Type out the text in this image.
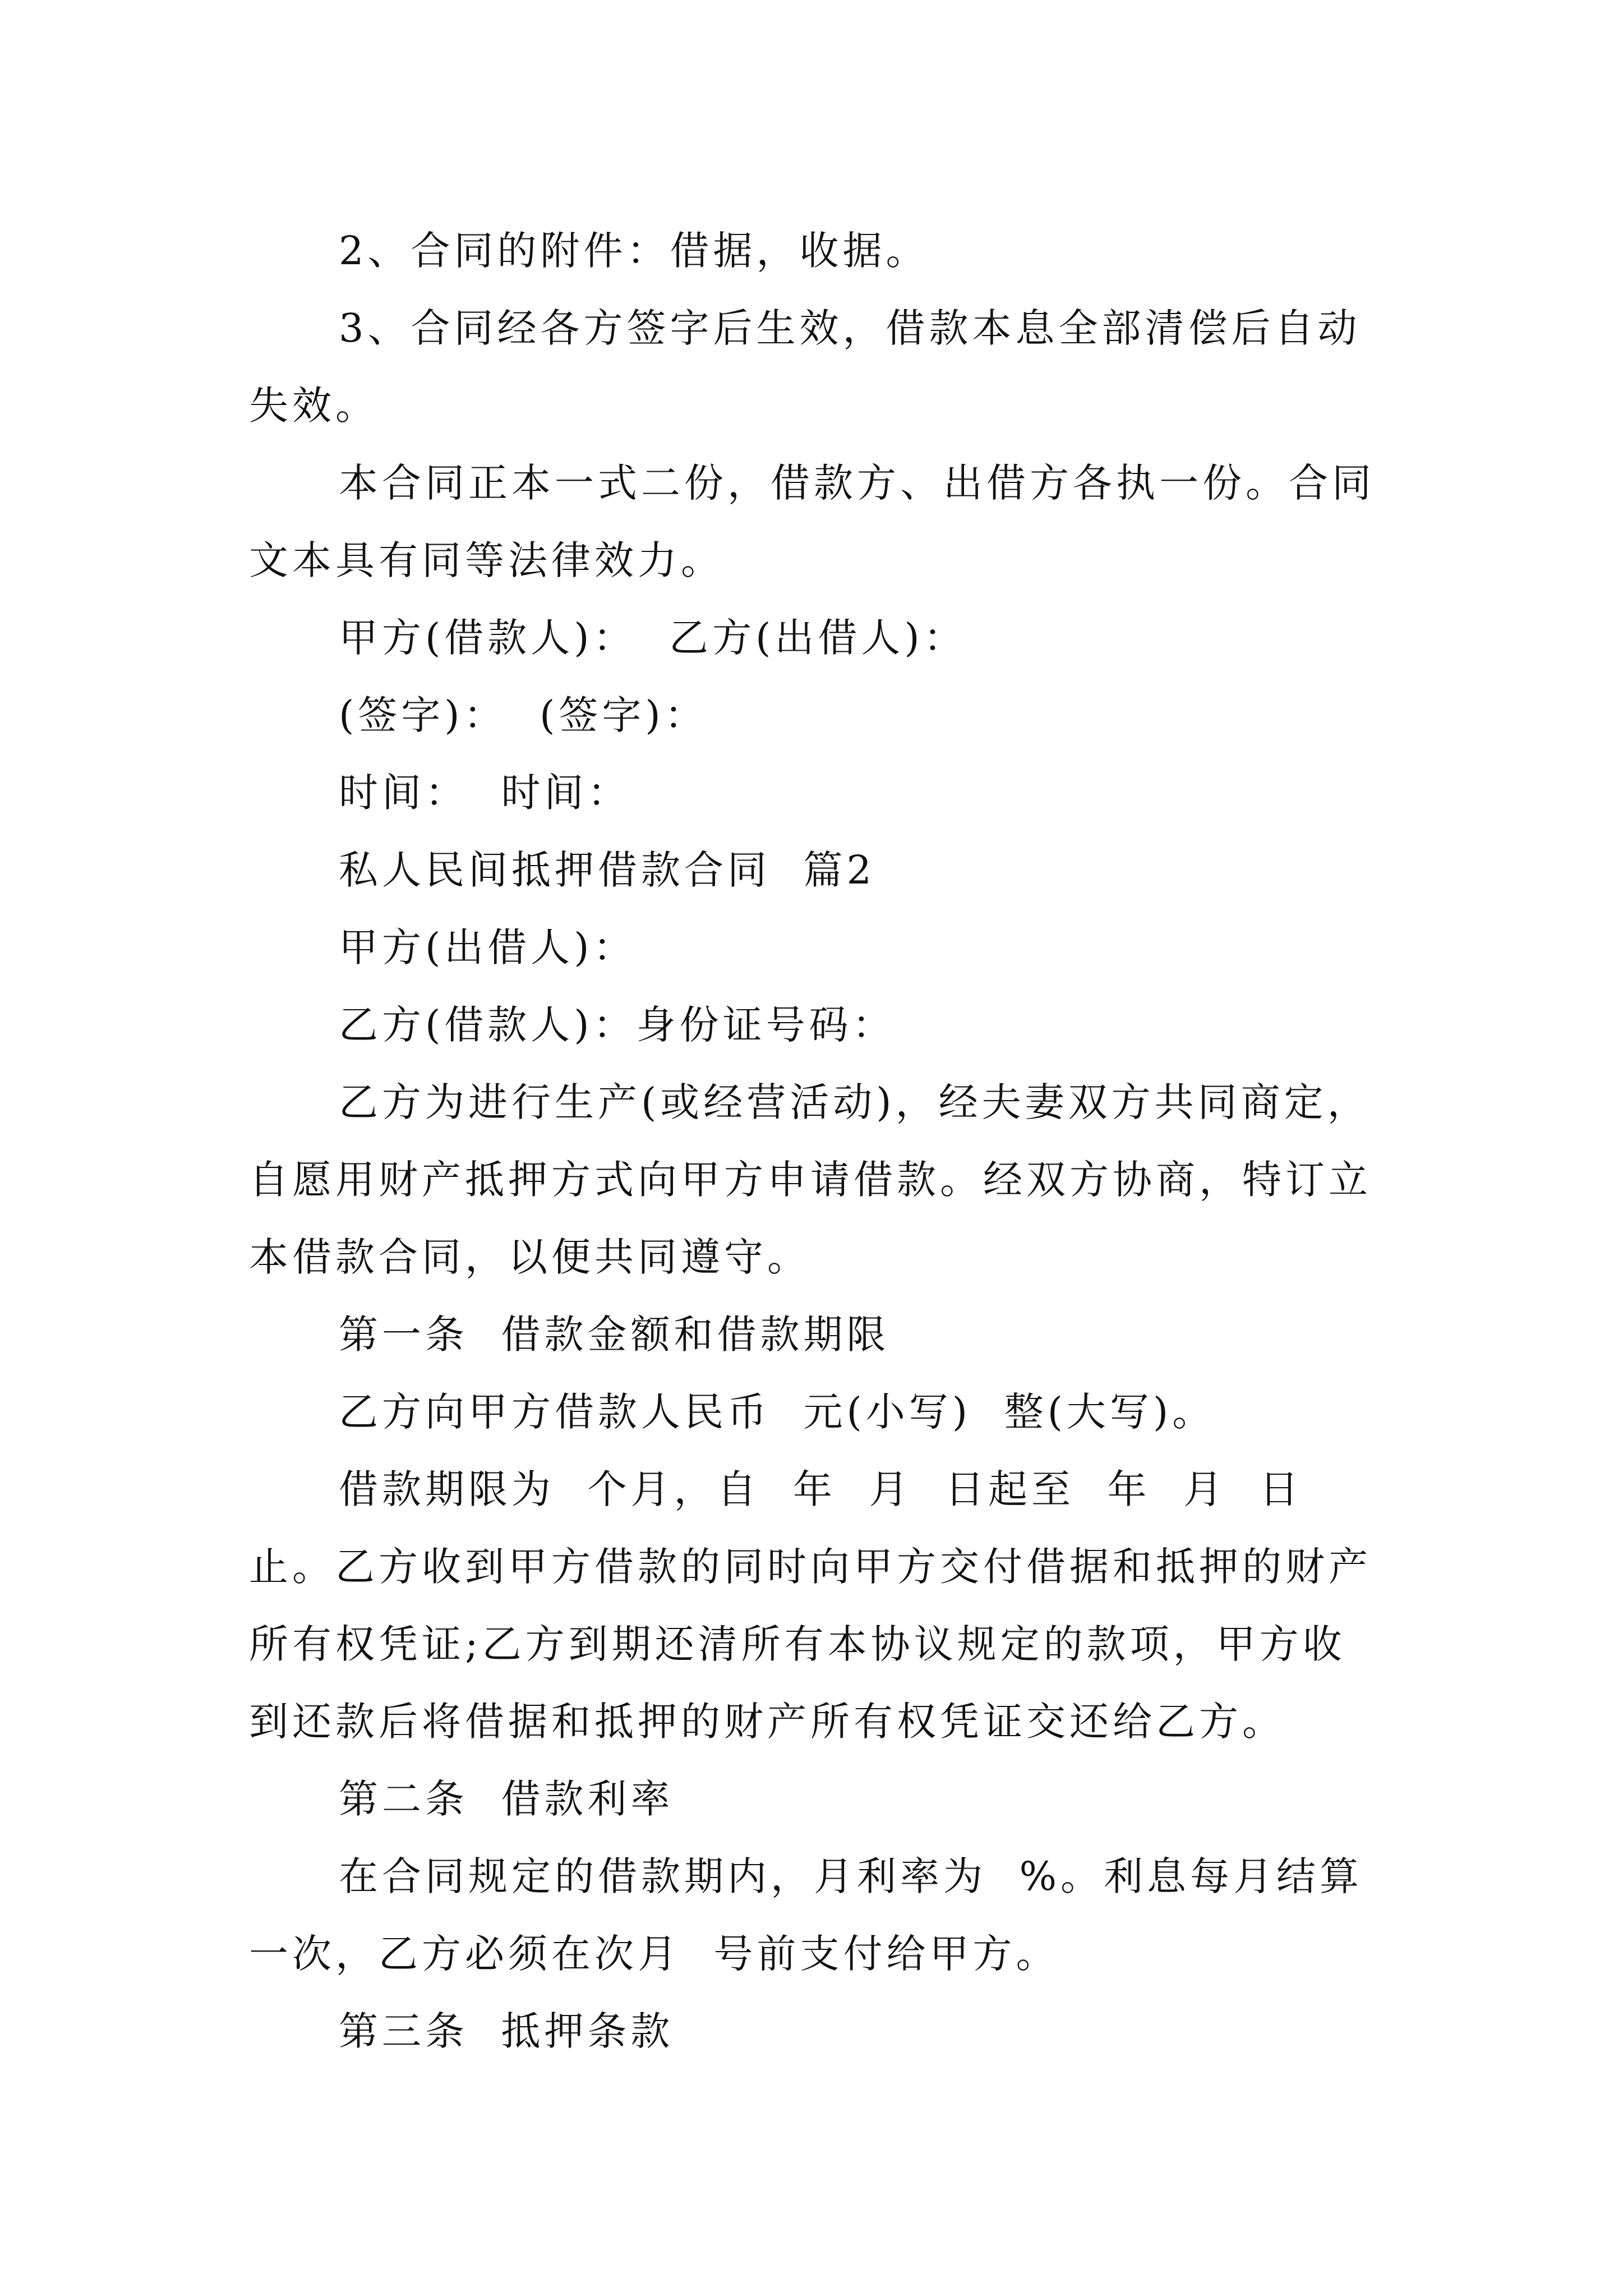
2、合同的附件：借据，收据。

3、合同经各方签字后生效，借款本息全部清偿后自动失效。

本合同正本一式二份，借款方、出借方各执一份。合同文本具有同等法律效力。

甲方(借款人)：  乙方(出借人)：

(签字)：  (签字)：

时间：  时间：

私人民间抵押借款合同  篇2

甲方(出借人)：

乙方(借款人)：身份证号码：

乙方为进行生产(或经营活动)，经夫妻双方共同商定，自愿用财产抵押方式向甲方申请借款。经双方协商，特订立本借款合同，以便共同遵守。

第一条  借款金额和借款期限

乙方向甲方借款人民币  元(小写)  整(大写)。

借款期限为  个月，自  年  月  日起至  年  月  日止。乙方收到甲方借款的同时向甲方交付借据和抵押的财产所有权凭证;乙方到期还清所有本协议规定的款项，甲方收到还款后将借据和抵押的财产所有权凭证交还给乙方。

第二条  借款利率

在合同规定的借款期内，月利率为  %。利息每月结算一次，乙方必须在次月  号前支付给甲方。

第三条  抵押条款
